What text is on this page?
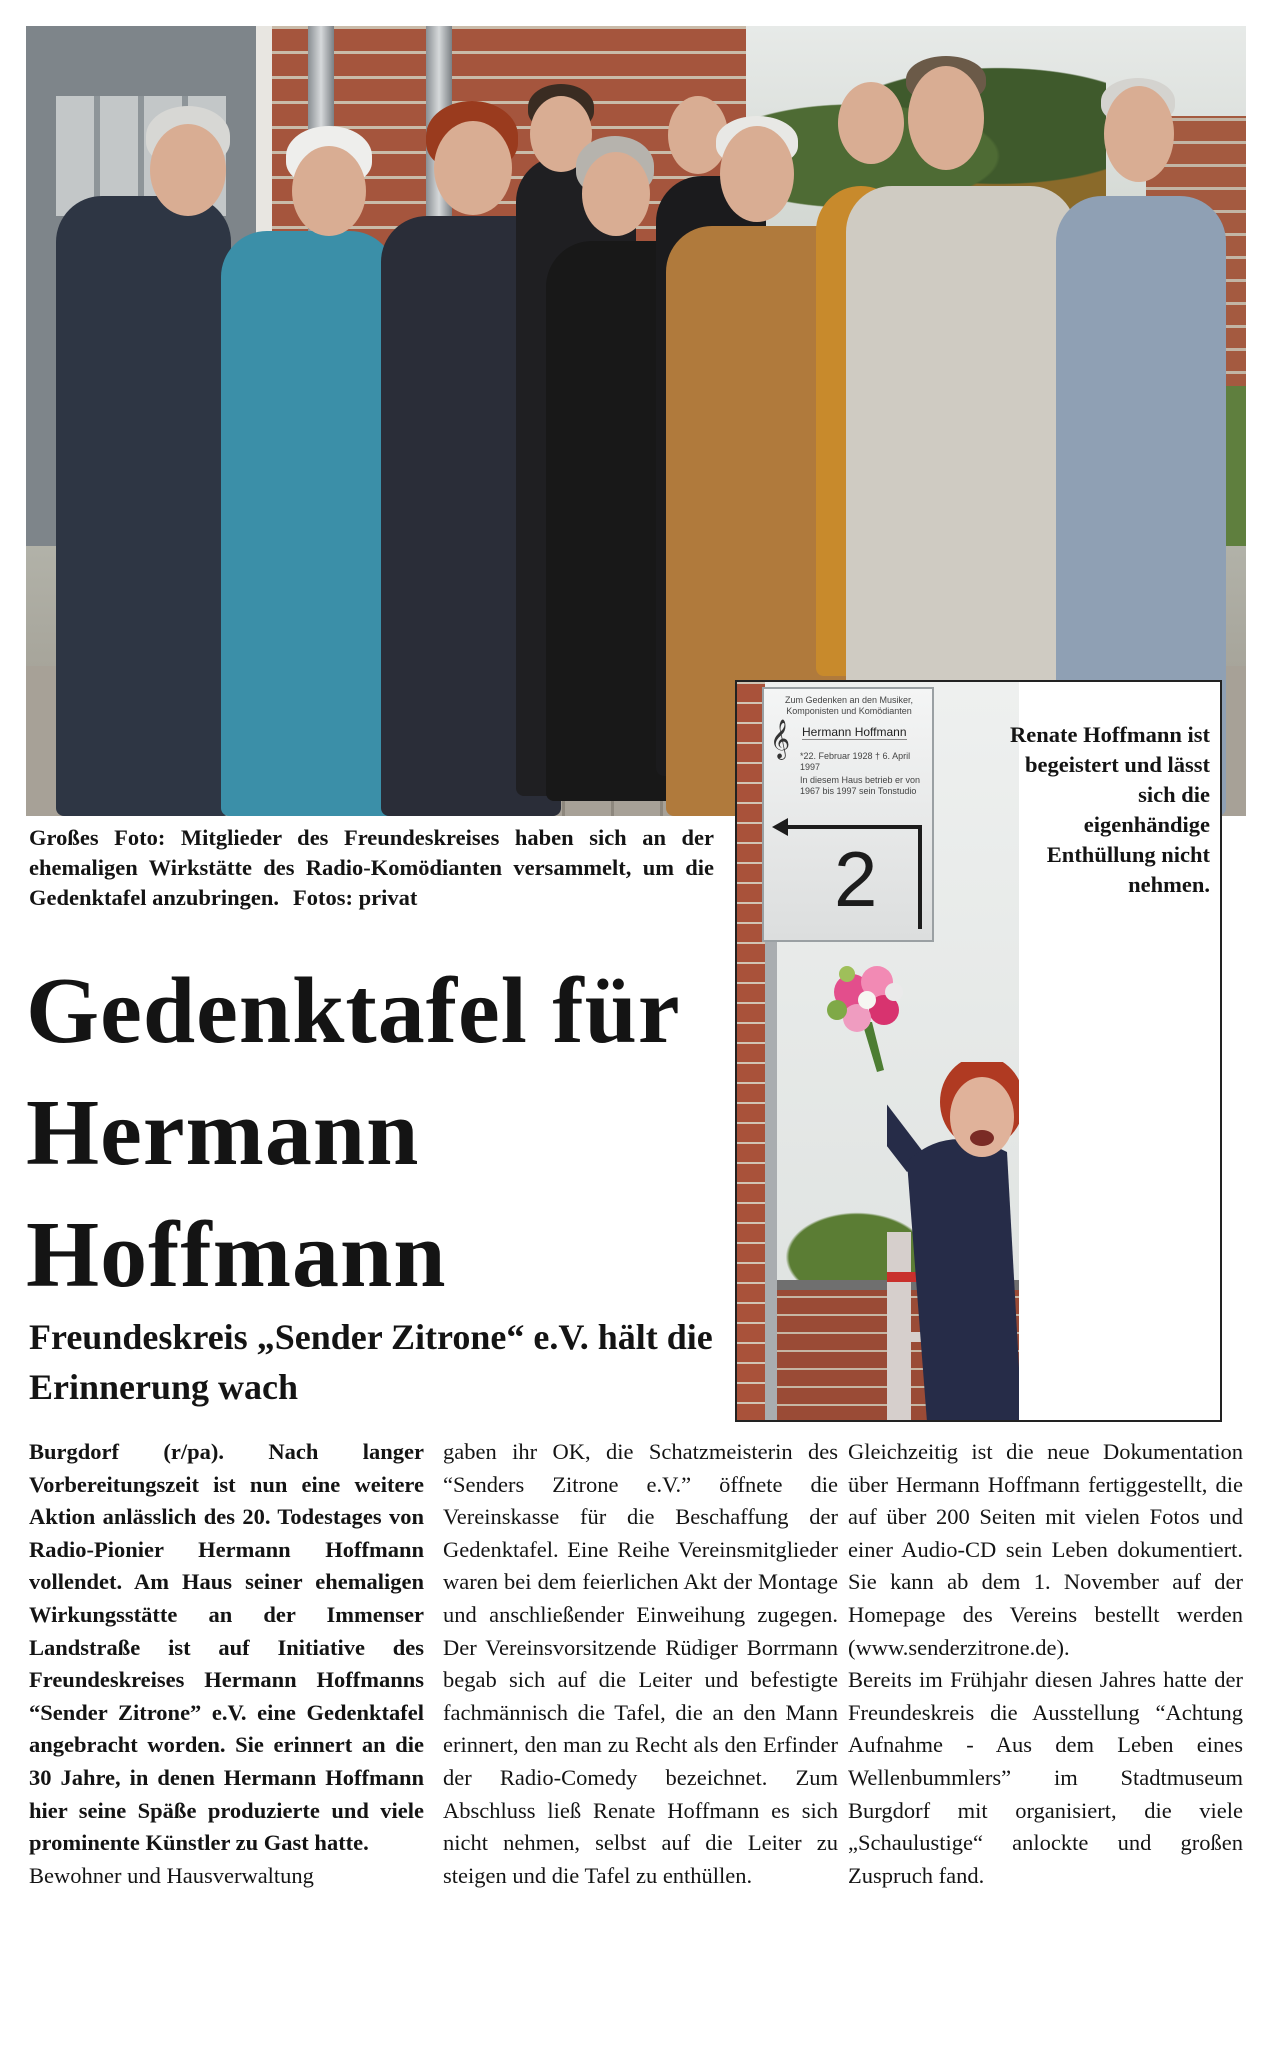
Großes Foto: Mitglieder des Freundeskreises haben sich an der ehemaligen Wirkstätte des Radio-Komödianten versammelt, um die Gedenktafel anzubringen. Fotos: privat
Zum Gedenken an den Musiker, Komponisten und Komödianten
𝄞 Hermann Hoffmann
*22. Februar 1928 † 6. April 1997
In diesem Haus betrieb er von 1967 bis 1997 sein Tonstudio
2
Renate Hoffmann ist begeistert und lässt sich die eigenhändige Enthüllung nicht nehmen.
Gedenktafel für Hermann Hoffmann
Freundeskreis „Sender Zitrone“ e.V. hält die Erinnerung wach

Burgdorf (r/pa). Nach langer Vorbereitungszeit ist nun eine weitere Aktion anlässlich des 20. Todestages von Radio-Pionier Hermann Hoffmann vollendet. Am Haus seiner ehemaligen Wirkungsstätte an der Immenser Landstraße ist auf Initiative des Freundeskreises Hermann Hoffmanns “Sender Zitrone” e.V. eine Gedenktafel angebracht worden. Sie erinnert an die 30 Jahre, in denen Hermann Hoffmann hier seine Späße produzierte und viele prominente Künstler zu Gast hatte.

Bewohner und Hausverwaltung

gaben ihr OK, die Schatzmeisterin des “Senders Zitrone e.V.” öffnete die Vereinskasse für die Beschaffung der Gedenktafel. Eine Reihe Vereinsmitglieder waren bei dem feierlichen Akt der Montage und anschließender Einweihung zugegen. Der Vereinsvorsitzende Rüdiger Borrmann begab sich auf die Leiter und befestigte fachmännisch die Tafel, die an den Mann erinnert, den man zu Recht als den Erfinder der Radio-Comedy bezeichnet. Zum Abschluss ließ Renate Hoffmann es sich nicht nehmen, selbst auf die Leiter zu steigen und die Tafel zu enthüllen.

Gleichzeitig ist die neue Dokumentation über Hermann Hoffmann fertiggestellt, die auf über 200 Seiten mit vielen Fotos und einer Audio-CD sein Leben dokumentiert. Sie kann ab dem 1. November auf der Homepage des Vereins bestellt werden (www.senderzitrone.de).

Bereits im Frühjahr diesen Jahres hatte der Freundeskreis die Ausstellung “Achtung Aufnahme - Aus dem Leben eines Wellenbummlers” im Stadtmuseum Burgdorf mit organisiert, die viele „Schaulustige“ anlockte und großen Zuspruch fand.
